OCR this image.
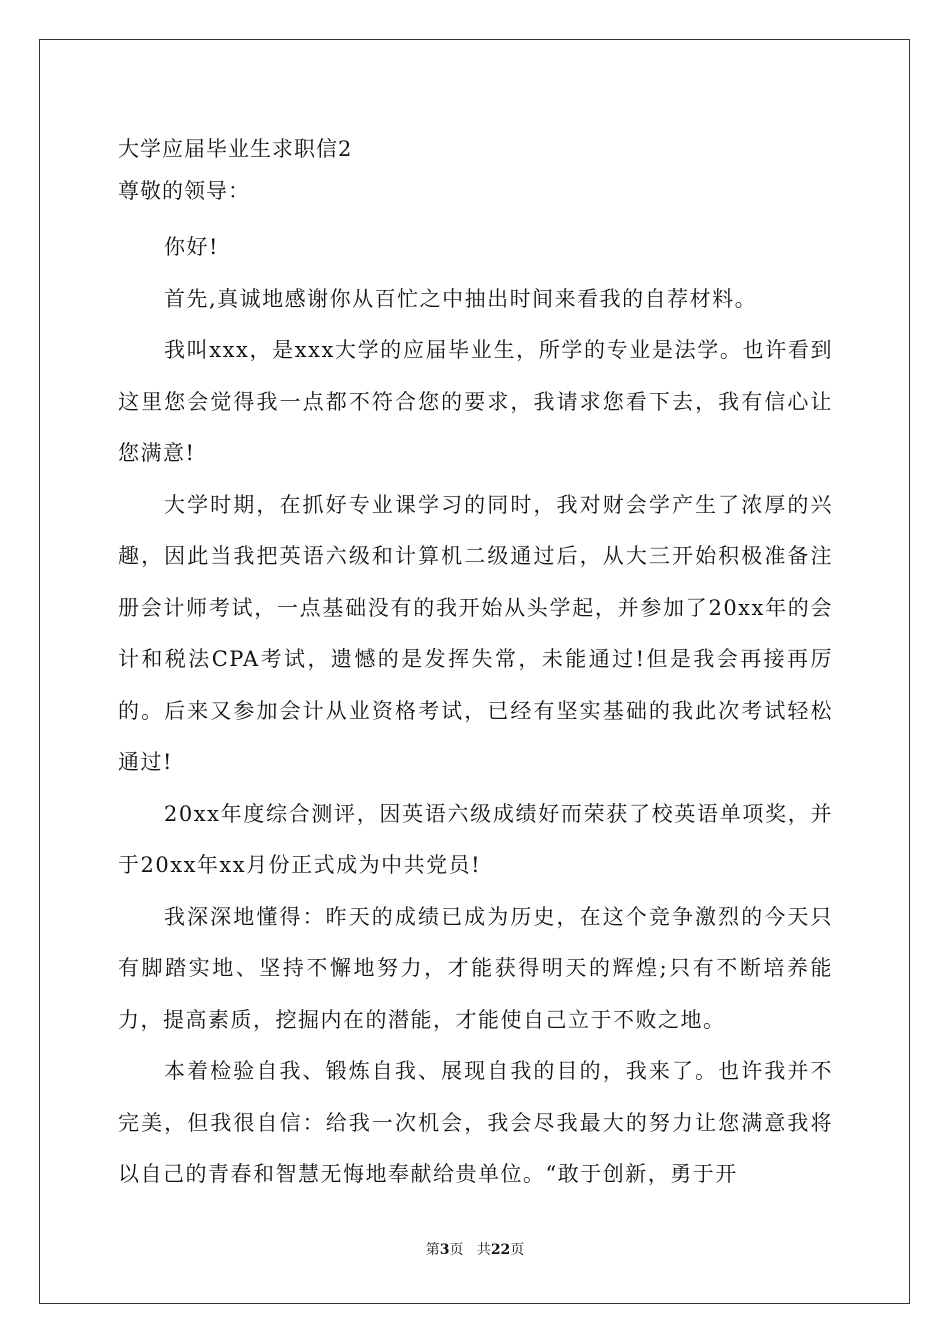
大学应届毕业生求职信2
尊敬的领导：

你好!

首先,真诚地感谢你从百忙之中抽出时间来看我的自荐材料。

我叫xxx，是xxx大学的应届毕业生，所学的专业是法学。也许看到这里您会觉得我一点都不符合您的要求，我请求您看下去，我有信心让您满意!

大学时期，在抓好专业课学习的同时，我对财会学产生了浓厚的兴趣，因此当我把英语六级和计算机二级通过后，从大三开始积极准备注册会计师考试，一点基础没有的我开始从头学起，并参加了20xx年的会计和税法CPA考试，遗憾的是发挥失常，未能通过!但是我会再接再厉的。后来又参加会计从业资格考试，已经有坚实基础的我此次考试轻松通过!

20xx年度综合测评，因英语六级成绩好而荣获了校英语单项奖，并于20xx年xx月份正式成为中共党员!

我深深地懂得：昨天的成绩已成为历史，在这个竞争激烈的今天只有脚踏实地、坚持不懈地努力，才能获得明天的辉煌;只有不断培养能力，提高素质，挖掘内在的潜能，才能使自己立于不败之地。

本着检验自我、锻炼自我、展现自我的目的，我来了。也许我并不完美，但我很自信：给我一次机会，我会尽我最大的努力让您满意我将以自己的青春和智慧无悔地奉献给贵单位。“敢于创新，勇于开

第3页 共22页
